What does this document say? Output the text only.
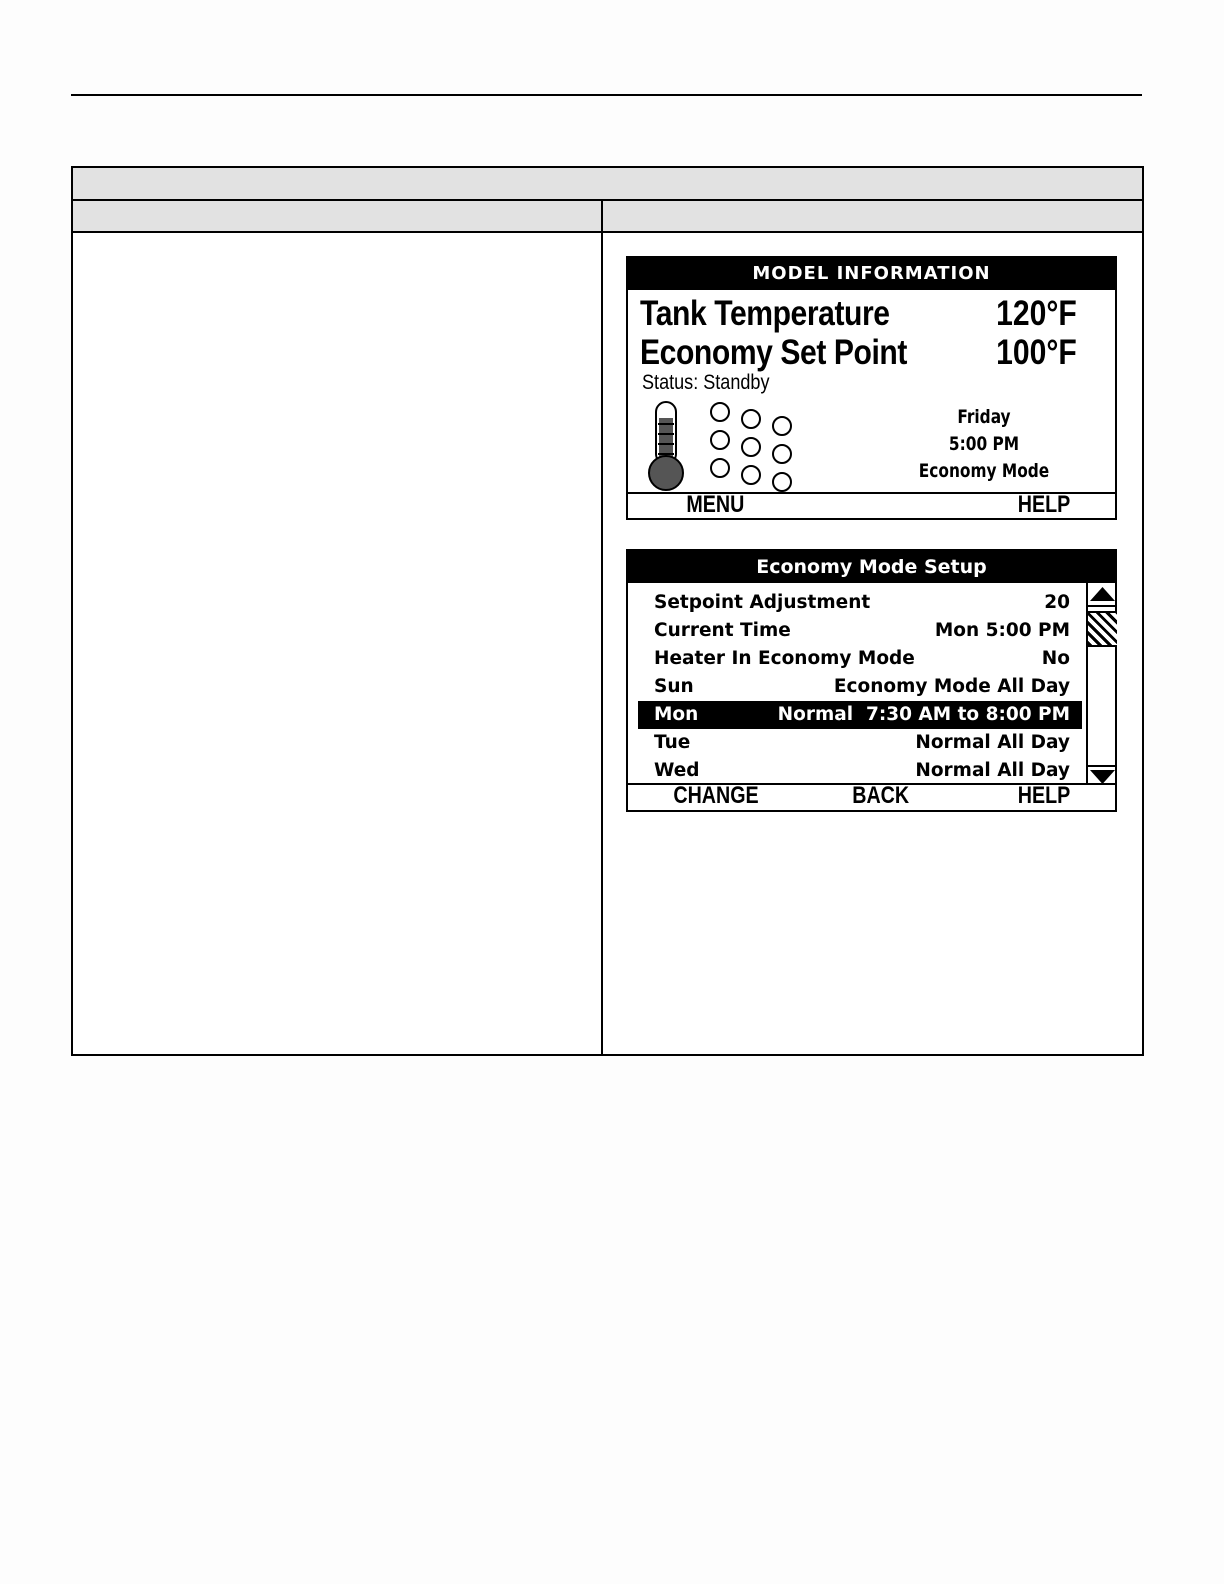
MODEL INFORMATION
Tank Temperature	120°F
Economy Set Point	100°F
Status: Standby
Friday
5:00 PM
Economy Mode
MENU	HELP
Economy Mode Setup
Setpoint Adjustment	20
Current Time	Mon 5:00 PM
Heater In Economy Mode	No
Sun	Economy Mode All Day
Mon	Normal  7:30 AM to 8:00 PM
Tue	Normal All Day
Wed	Normal All Day
CHANGE	BACK	HELP
